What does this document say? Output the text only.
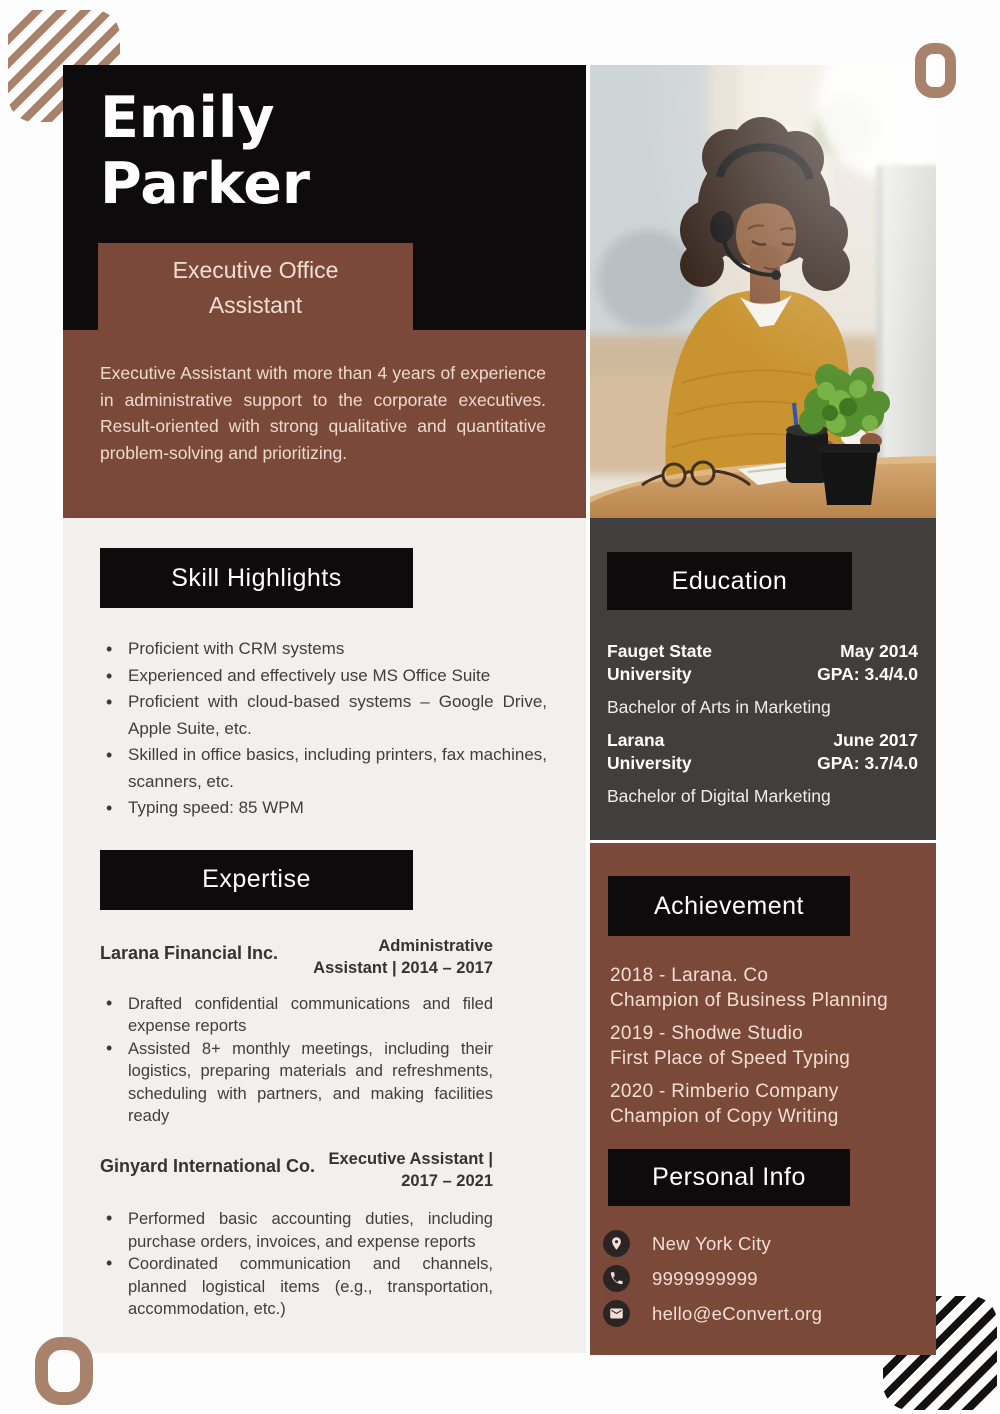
Emily
Parker
Executive Office
Assistant

Executive Assistant with more than 4 years of experience in administrative support to the corporate executives. Result-oriented with strong qualitative and quantitative problem-solving and prioritizing.

Skill Highlights
• Proficient with CRM systems
• Experienced and effectively use MS Office Suite
• Proficient with cloud-based systems – Google Drive, Apple Suite, etc.
• Skilled in office basics, including printers, fax machines, scanners, etc.
• Typing speed: 85 WPM
Expertise
Larana Financial Inc.	Administrative
Assistant | 2014 – 2017
• Drafted confidential communications and filed expense reports
• Assisted 8+ monthly meetings, including their logistics, preparing materials and refreshments, scheduling with partners, and making facilities ready
Ginyard International Co. Executive Assistant |
2017 – 2021
• Performed basic accounting duties, including purchase orders, invoices, and expense reports
• Coordinated communication and channels, planned logistical items (e.g., transportation, accommodation, etc.)
Education
Fauget State
University
May 2014
GPA: 3.4/4.0
Bachelor of Arts in Marketing
Larana
University
June 2017
GPA: 3.7/4.0
Bachelor of Digital Marketing
Achievement
2018 - Larana. Co
Champion of Business Planning
2019 - Shodwe Studio
First Place of Speed Typing
2020 - Rimberio Company
Champion of Copy Writing
Personal Info
New York City
9999999999
hello@eConvert.org
